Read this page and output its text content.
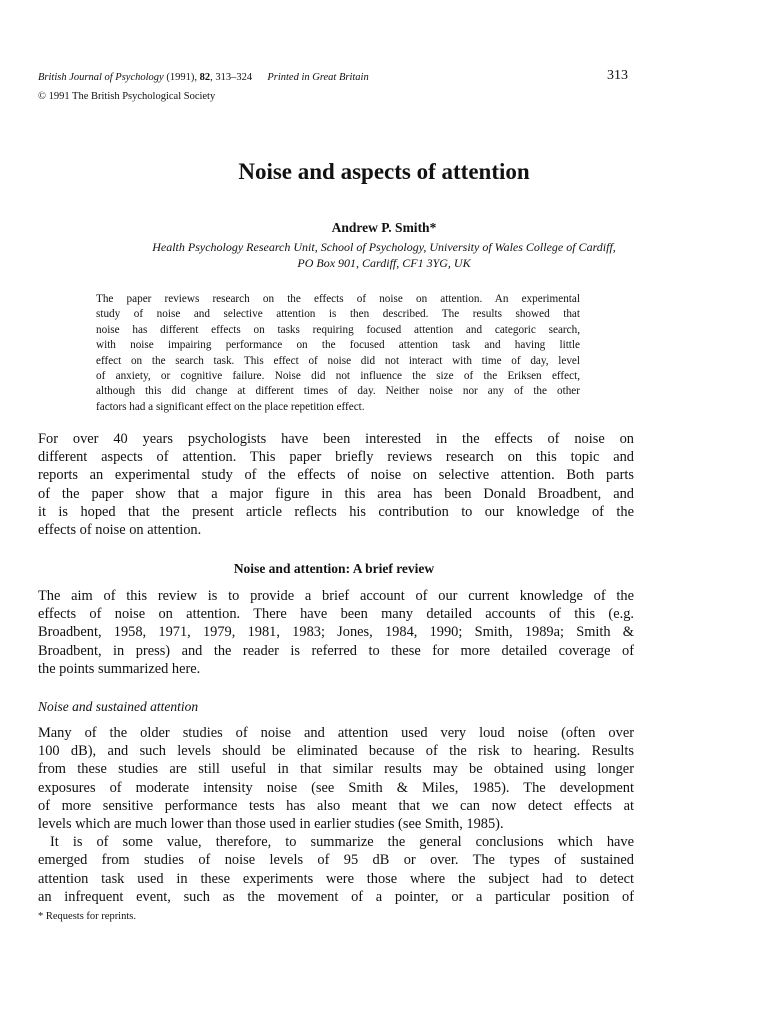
British Journal of Psychology (1991), 82, 313–324 Printed in Great Britain
© 1991 The British Psychological Society
313
Noise and aspects of attention
Andrew P. Smith*
Health Psychology Research Unit, School of Psychology, University of Wales College of Cardiff,
PO Box 901, Cardiff, CF1 3YG, UK
The paper reviews research on the effects of noise on attention. An experimental
study of noise and selective attention is then described. The results showed that
noise has different effects on tasks requiring focused attention and categoric search,
with noise impairing performance on the focused attention task and having little
effect on the search task. This effect of noise did not interact with time of day, level
of anxiety, or cognitive failure. Noise did not influence the size of the Eriksen effect,
although this did change at different times of day. Neither noise nor any of the other
factors had a significant effect on the place repetition effect.
For over 40 years psychologists have been interested in the effects of noise on
different aspects of attention. This paper briefly reviews research on this topic and
reports an experimental study of the effects of noise on selective attention. Both parts
of the paper show that a major figure in this area has been Donald Broadbent, and
it is hoped that the present article reflects his contribution to our knowledge of the
effects of noise on attention.
Noise and attention: A brief review
The aim of this review is to provide a brief account of our current knowledge of the
effects of noise on attention. There have been many detailed accounts of this (e.g.
Broadbent, 1958, 1971, 1979, 1981, 1983; Jones, 1984, 1990; Smith, 1989a; Smith &
Broadbent, in press) and the reader is referred to these for more detailed coverage of
the points summarized here.
Noise and sustained attention
Many of the older studies of noise and attention used very loud noise (often over
100 dB), and such levels should be eliminated because of the risk to hearing. Results
from these studies are still useful in that similar results may be obtained using longer
exposures of moderate intensity noise (see Smith & Miles, 1985). The development
of more sensitive performance tests has also meant that we can now detect effects at
levels which are much lower than those used in earlier studies (see Smith, 1985).
It is of some value, therefore, to summarize the general conclusions which have
emerged from studies of noise levels of 95 dB or over. The types of sustained
attention task used in these experiments were those where the subject had to detect
an infrequent event, such as the movement of a pointer, or a particular position of
* Requests for reprints.
